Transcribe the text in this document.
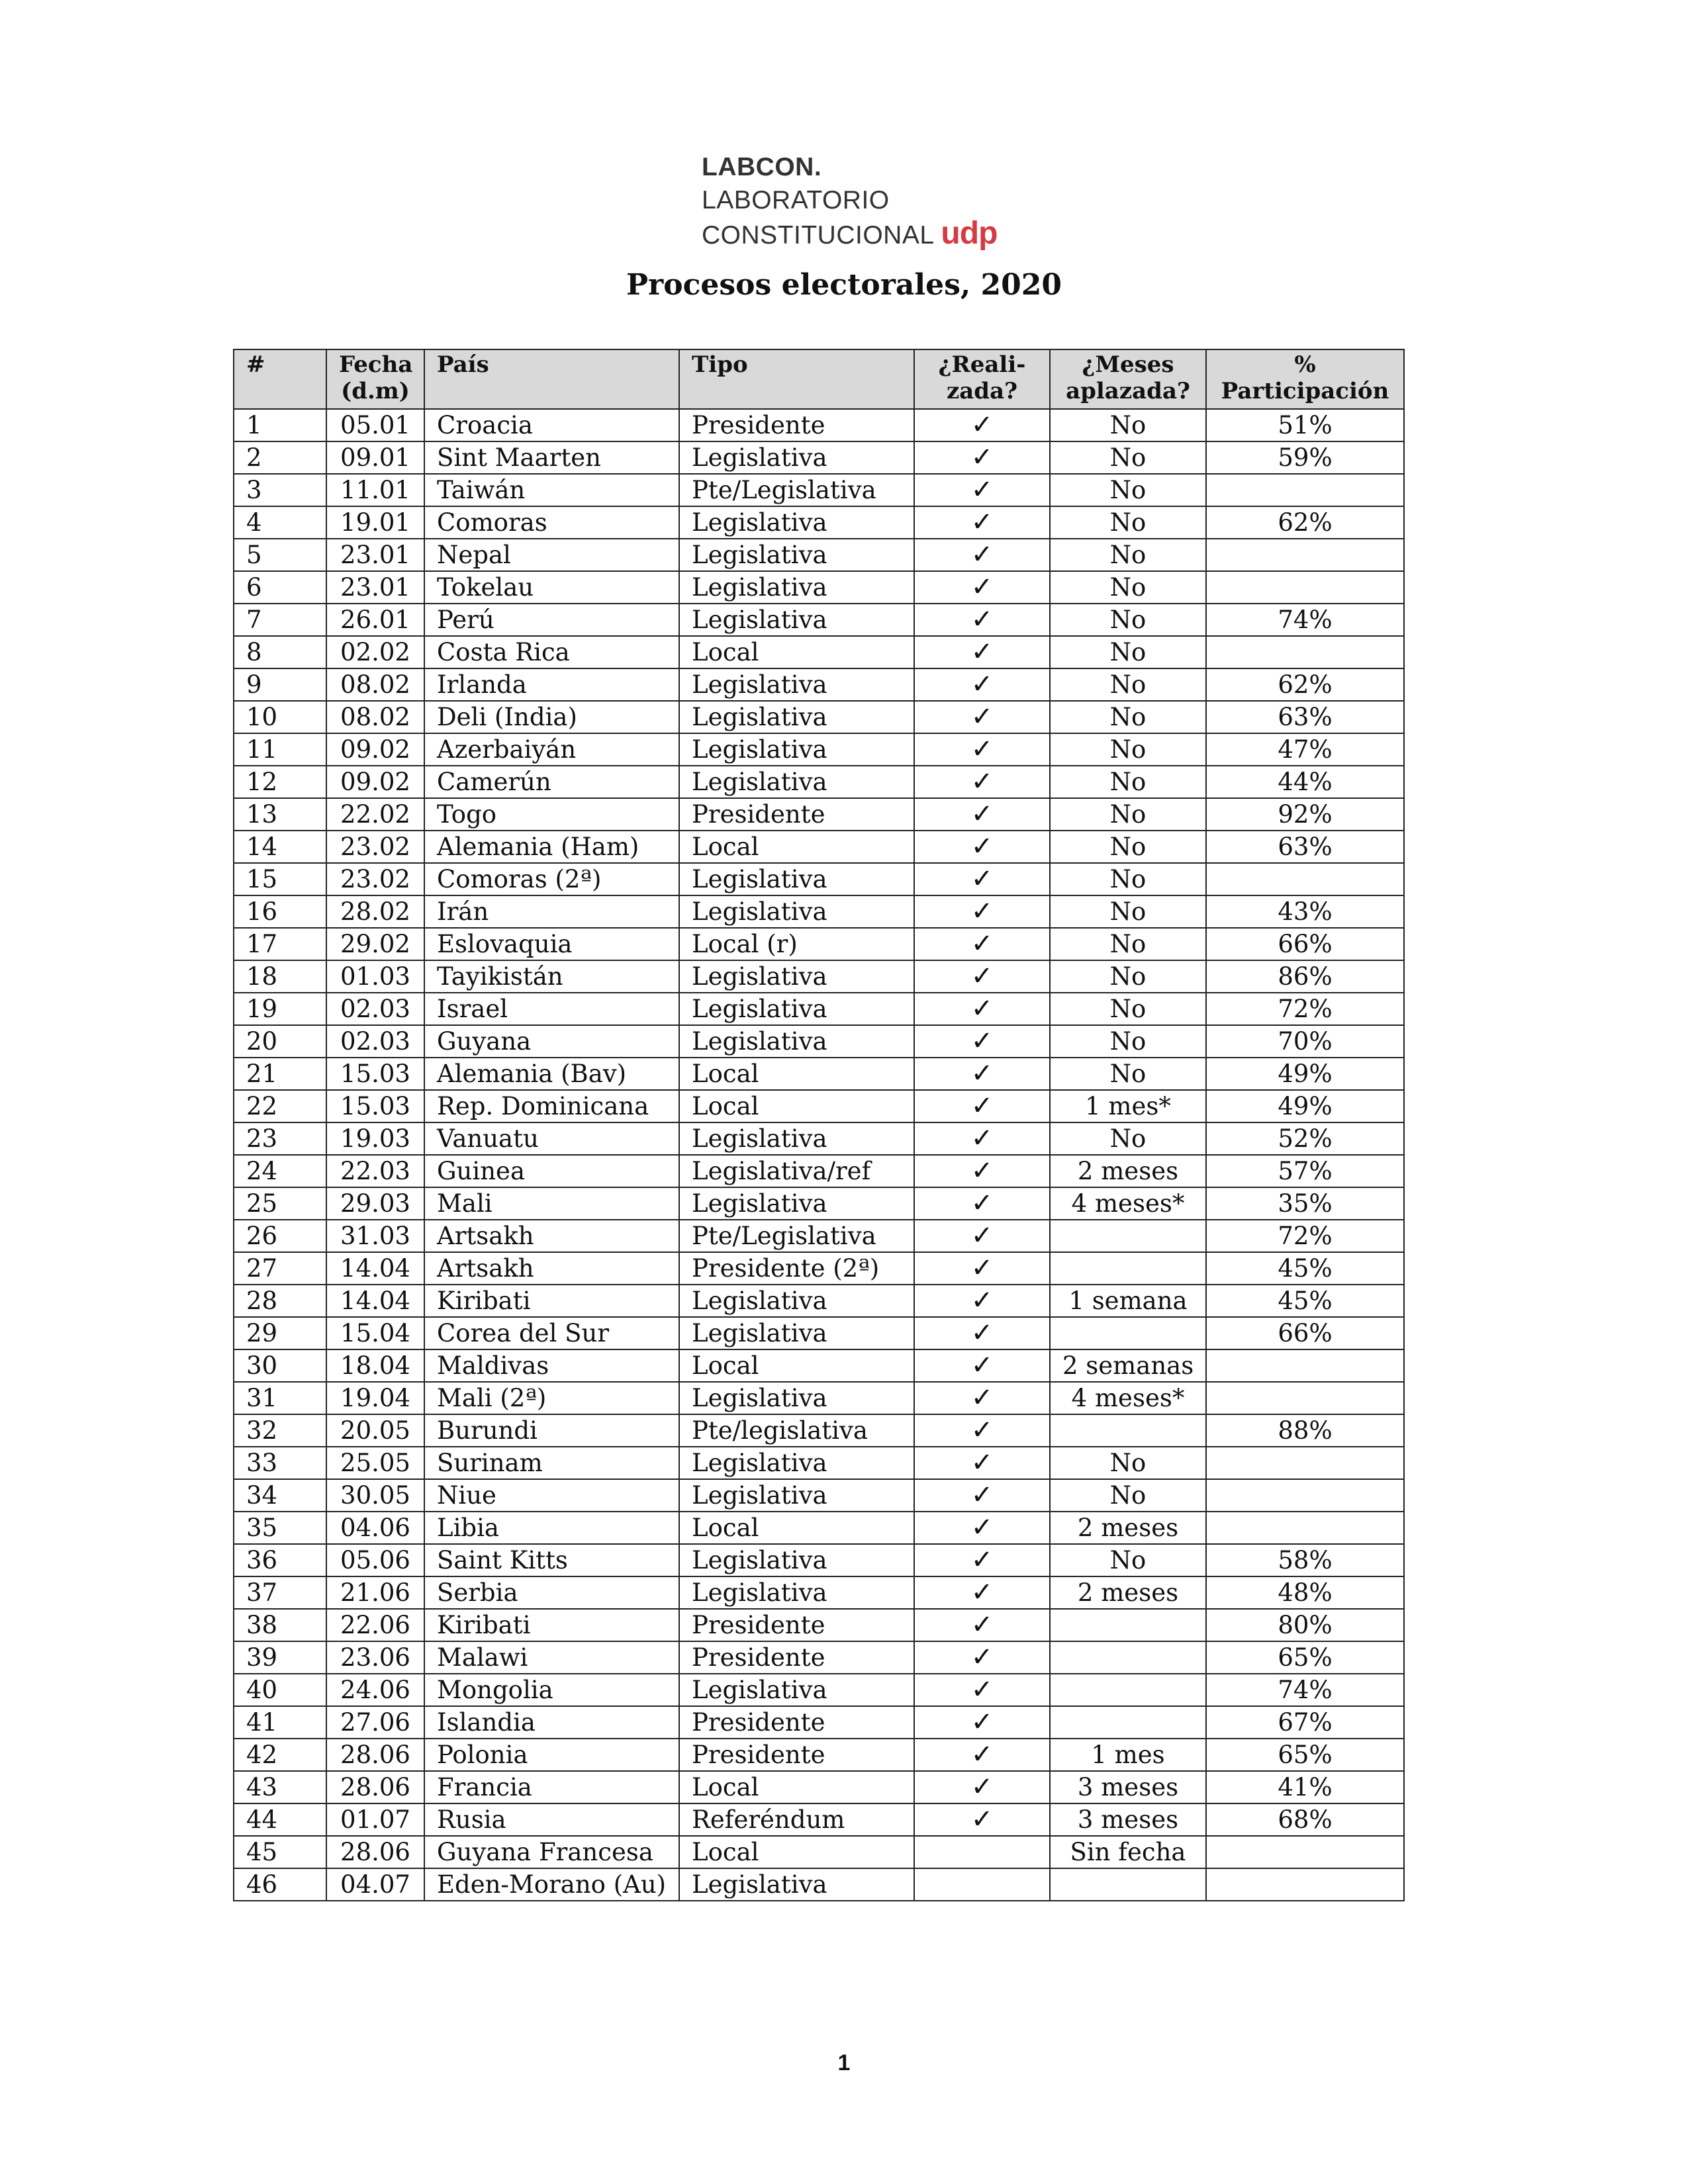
LABCON. LABORATORIO
CONSTITUCIONAL udp
Procesos electorales, 2020
#	Fecha (d.m)	País	Tipo	¿Reali-zada?	¿Meses aplazada?	% Participación
1	05.01	Croacia	Presidente	✓	No	51%
2	09.01	Sint Maarten	Legislativa	✓	No	59%
3	11.01	Taiwán	Pte/Legislativa	✓	No	
4	19.01	Comoras	Legislativa	✓	No	62%
5	23.01	Nepal	Legislativa	✓	No	
6	23.01	Tokelau	Legislativa	✓	No	
7	26.01	Perú	Legislativa	✓	No	74%
8	02.02	Costa Rica	Local	✓	No	
9	08.02	Irlanda	Legislativa	✓	No	62%
10	08.02	Deli (India)	Legislativa	✓	No	63%
11	09.02	Azerbaiyán	Legislativa	✓	No	47%
12	09.02	Camerún	Legislativa	✓	No	44%
13	22.02	Togo	Presidente	✓	No	92%
14	23.02	Alemania (Ham)	Local	✓	No	63%
15	23.02	Comoras (2ª)	Legislativa	✓	No	
16	28.02	Irán	Legislativa	✓	No	43%
17	29.02	Eslovaquia	Local (r)	✓	No	66%
18	01.03	Tayikistán	Legislativa	✓	No	86%
19	02.03	Israel	Legislativa	✓	No	72%
20	02.03	Guyana	Legislativa	✓	No	70%
21	15.03	Alemania (Bav)	Local	✓	No	49%
22	15.03	Rep. Dominicana	Local	✓	1 mes*	49%
23	19.03	Vanuatu	Legislativa	✓	No	52%
24	22.03	Guinea	Legislativa/ref	✓	2 meses	57%
25	29.03	Mali	Legislativa	✓	4 meses*	35%
26	31.03	Artsakh	Pte/Legislativa	✓		72%
27	14.04	Artsakh	Presidente (2ª)	✓		45%
28	14.04	Kiribati	Legislativa	✓	1 semana	45%
29	15.04	Corea del Sur	Legislativa	✓		66%
30	18.04	Maldivas	Local	✓	2 semanas	
31	19.04	Mali (2ª)	Legislativa	✓	4 meses*	
32	20.05	Burundi	Pte/legislativa	✓		88%
33	25.05	Surinam	Legislativa	✓	No	
34	30.05	Niue	Legislativa	✓	No	
35	04.06	Libia	Local	✓	2 meses	
36	05.06	Saint Kitts	Legislativa	✓	No	58%
37	21.06	Serbia	Legislativa	✓	2 meses	48%
38	22.06	Kiribati	Presidente	✓		80%
39	23.06	Malawi	Presidente	✓		65%
40	24.06	Mongolia	Legislativa	✓		74%
41	27.06	Islandia	Presidente	✓		67%
42	28.06	Polonia	Presidente	✓	1 mes	65%
43	28.06	Francia	Local	✓	3 meses	41%
44	01.07	Rusia	Referéndum	✓	3 meses	68%
45	28.06	Guyana Francesa	Local		Sin fecha	
46	04.07	Eden-Morano (Au)	Legislativa			
1
